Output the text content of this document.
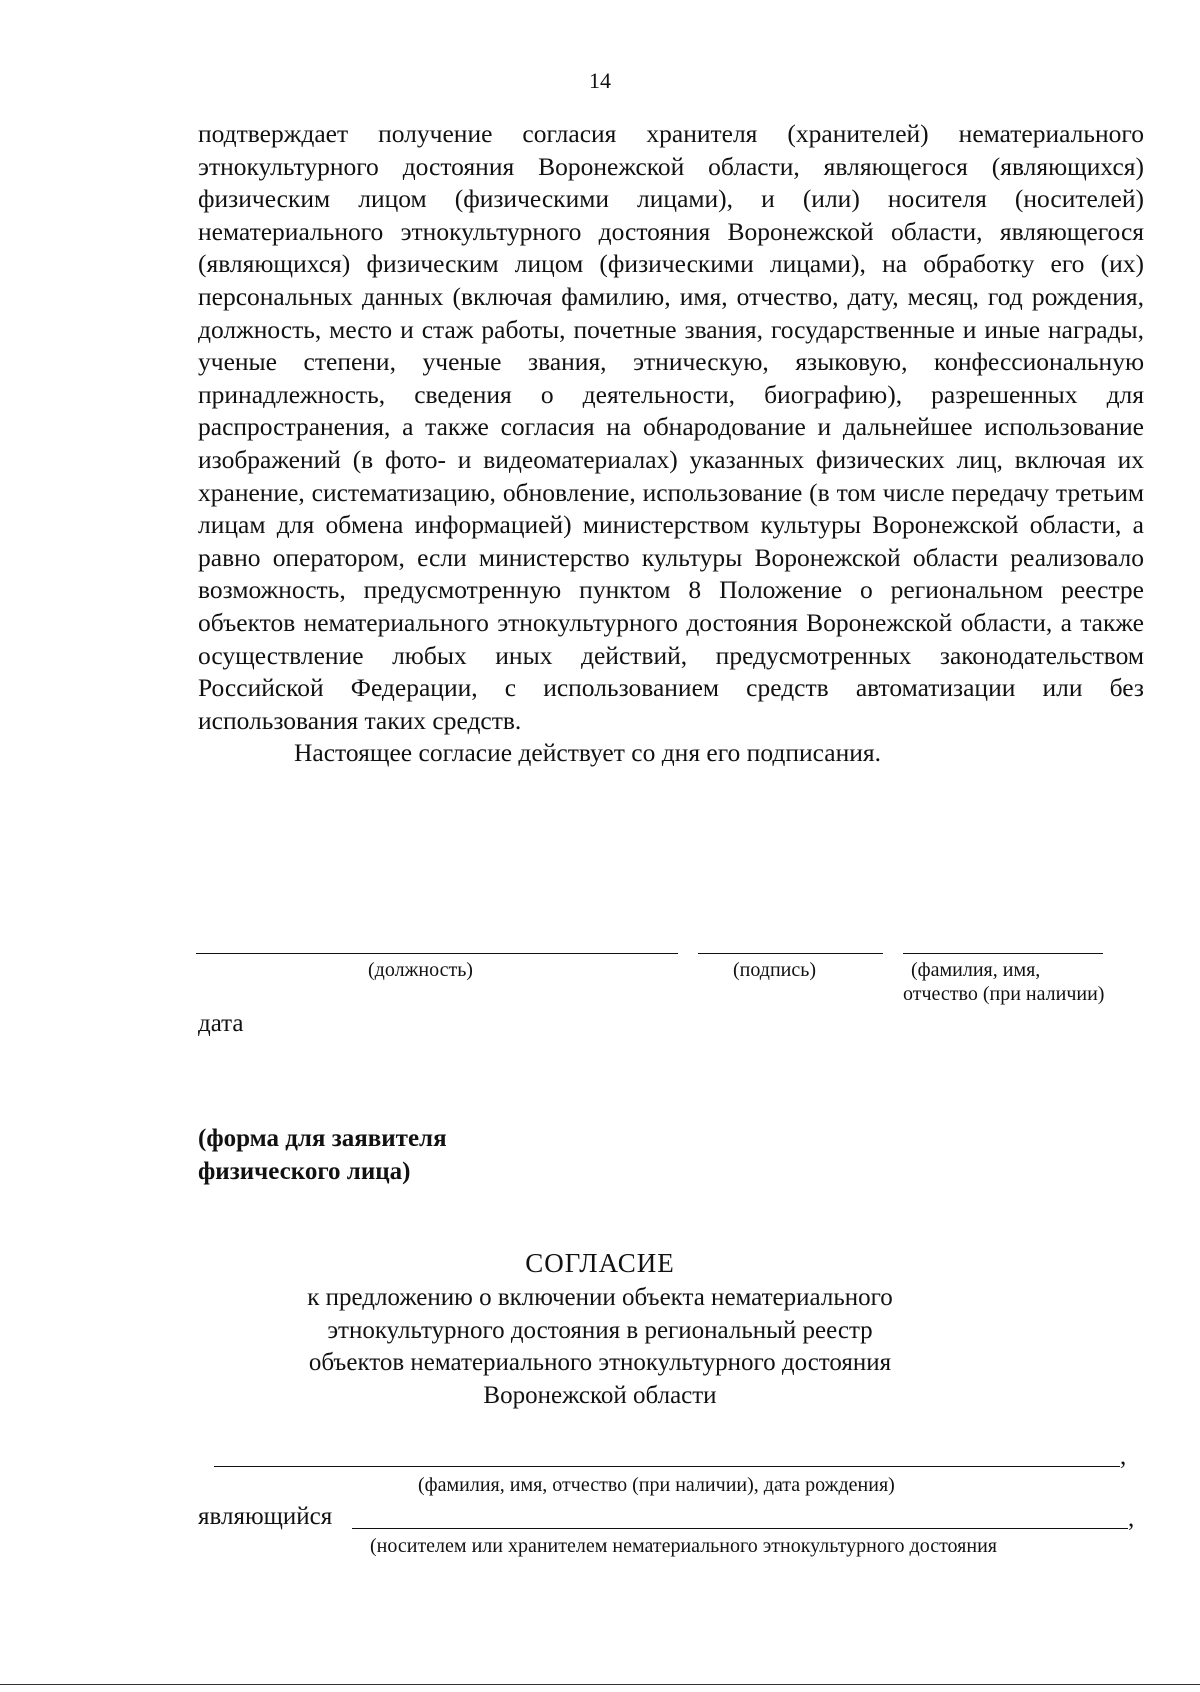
14

подтверждает получение согласия хранителя (хранителей) нематериального этнокультурного достояния Воронежской области, являющегося (являющихся) физическим лицом (физическими лицами), и (или) носителя (носителей) нематериального этнокультурного достояния Воронежской области, являющегося (являющихся) физическим лицом (физическими лицами), на обработку его (их) персональных данных (включая фамилию, имя, отчество, дату, месяц, год рождения, должность, место и стаж работы, почетные звания, государственные и иные награды, ученые степени, ученые звания, этническую, языковую, конфессиональную принадлежность, сведения о деятельности, биографию), разрешенных для распространения, а также согласия на обнародование и дальнейшее использование изображений (в фото- и видеоматериалах) указанных физических лиц, включая их хранение, систематизацию, обновление, использование (в том числе передачу третьим лицам для обмена информацией) министерством культуры Воронежской области, а равно оператором, если министерство культуры Воронежской области реализовало возможность, предусмотренную пунктом 8 Положение о региональном реестре объектов нематериального этнокультурного достояния Воронежской области, а также осуществление любых иных действий, предусмотренных законодательством Российской Федерации, с использованием средств автоматизации или без использования таких средств.

Настоящее согласие действует со дня его подписания.

(должность)	(подпись)	(фамилия, имя,
отчество (при наличии)
дата
(форма для заявителя
физического лица)
СОГЛАСИЕ
к предложению о включении объекта нематериального этнокультурного достояния в региональный реестр объектов нематериального этнокультурного достояния Воронежской области
,
(фамилия, имя, отчество (при наличии), дата рождения)
являющийся	,
(носителем или хранителем нематериального этнокультурного достояния
